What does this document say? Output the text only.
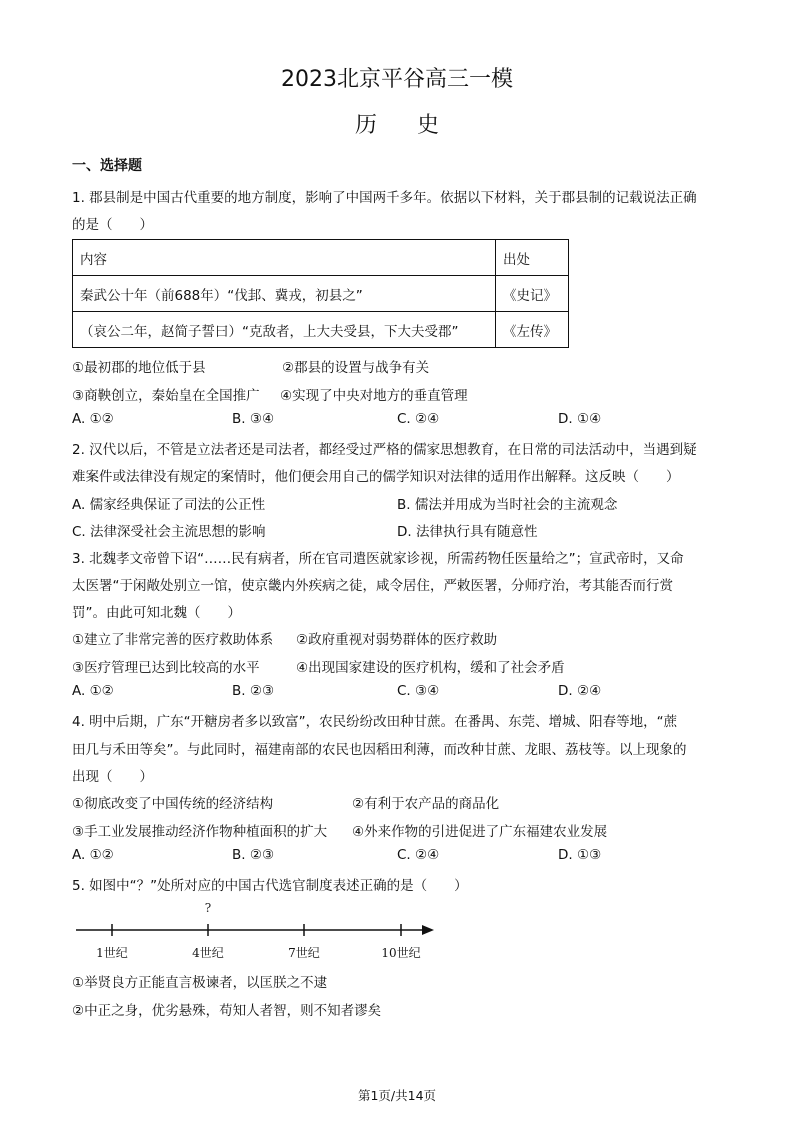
2023北京平谷高三一模
历史
一、选择题
1. 郡县制是中国古代重要的地方制度，影响了中国两千多年。依据以下材料，关于郡县制的记载说法正确
的是（　　）
内容	出处
秦武公十年（前688年）“伐邽、冀戎，初县之”	《史记》
（哀公二年，赵简子誓曰）“克敌者，上大夫受县，下大夫受郡”	《左传》
①最初郡的地位低于县	②郡县的设置与战争有关
③商鞅创立，秦始皇在全国推广 ④实现了中央对地方的垂直管理
A. ①②	B. ③④	C. ②④	D. ①④
2. 汉代以后，不管是立法者还是司法者，都经受过严格的儒家思想教育，在日常的司法活动中，当遇到疑
难案件或法律没有规定的案情时，他们便会用自己的儒学知识对法律的适用作出解释。这反映（　　）
A. 儒家经典保证了司法的公正性	B. 儒法并用成为当时社会的主流观念
C. 法律深受社会主流思想的影响	D. 法律执行具有随意性
3. 北魏孝文帝曾下诏“……民有病者，所在官司遣医就家诊视，所需药物任医量给之”；宣武帝时，又命
太医署“于闲敞处别立一馆，使京畿内外疾病之徒，咸令居住，严敕医署，分师疗治，考其能否而行赏
罚”。由此可知北魏（　　）
①建立了非常完善的医疗救助体系 ②政府重视对弱势群体的医疗救助
③医疗管理已达到比较高的水平	④出现国家建设的医疗机构，缓和了社会矛盾
A. ①②	B. ②③	C. ③④	D. ②④
4. 明中后期，广东“开糖房者多以致富”，农民纷纷改田种甘蔗。在番禺、东莞、增城、阳春等地，“蔗
田几与禾田等矣”。与此同时，福建南部的农民也因稻田利薄，而改种甘蔗、龙眼、荔枝等。以上现象的
出现（　　）
①彻底改变了中国传统的经济结构	②有利于农产品的商品化
③手工业发展推动经济作物种植面积的扩大 ④外来作物的引进促进了广东福建农业发展
A. ①②	B. ②③	C. ②④	D. ①③
5. 如图中“？”处所对应的中国古代选官制度表述正确的是（　　）
?
1世纪	4世纪	7世纪	10世纪
①举贤良方正能直言极谏者，以匡朕之不逮
②中正之身，优劣悬殊，苟知人者智，则不知者谬矣
第1页/共14页
